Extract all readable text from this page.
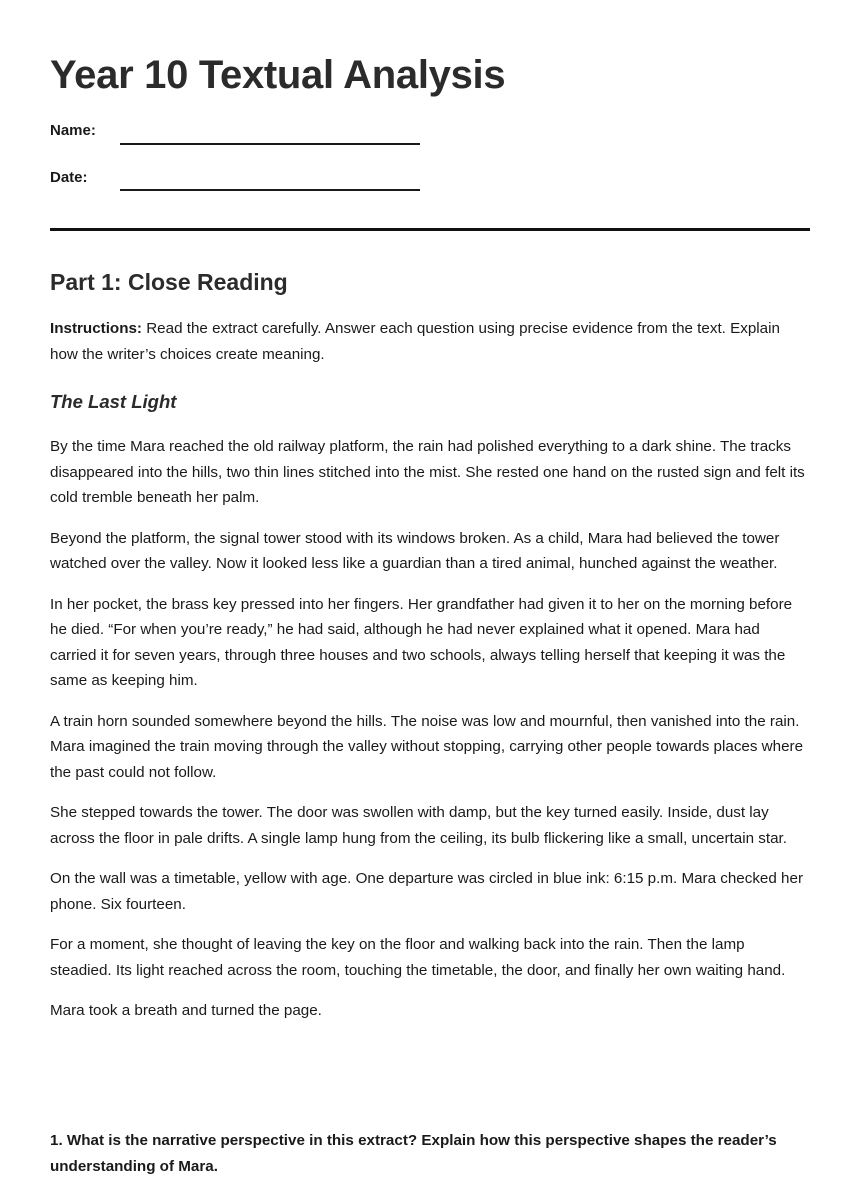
Year 10 Textual Analysis
Name:
Date:
Part 1: Close Reading

Instructions: Read the extract carefully. Answer each question using precise evidence from the text. Explain how the writer’s choices create meaning.

The Last Light

By the time Mara reached the old railway platform, the rain had polished everything to a dark shine. The tracks disappeared into the hills, two thin lines stitched into the mist. She rested one hand on the rusted sign and felt its cold tremble beneath her palm.

Beyond the platform, the signal tower stood with its windows broken. As a child, Mara had believed the tower watched over the valley. Now it looked less like a guardian than a tired animal, hunched against the weather.

In her pocket, the brass key pressed into her fingers. Her grandfather had given it to her on the morning before he died. “For when you’re ready,” he had said, although he had never explained what it opened. Mara had carried it for seven years, through three houses and two schools, always telling herself that keeping it was the same as keeping him.

A train horn sounded somewhere beyond the hills. The noise was low and mournful, then vanished into the rain. Mara imagined the train moving through the valley without stopping, carrying other people towards places where the past could not follow.

She stepped towards the tower. The door was swollen with damp, but the key turned easily. Inside, dust lay across the floor in pale drifts. A single lamp hung from the ceiling, its bulb flickering like a small, uncertain star.

On the wall was a timetable, yellow with age. One departure was circled in blue ink: 6:15 p.m. Mara checked her phone. Six fourteen.

For a moment, she thought of leaving the key on the floor and walking back into the rain. Then the lamp steadied. Its light reached across the room, touching the timetable, the door, and finally her own waiting hand.

Mara took a breath and turned the page.

1. What is the narrative perspective in this extract? Explain how this perspective shapes the reader’s understanding of Mara.
